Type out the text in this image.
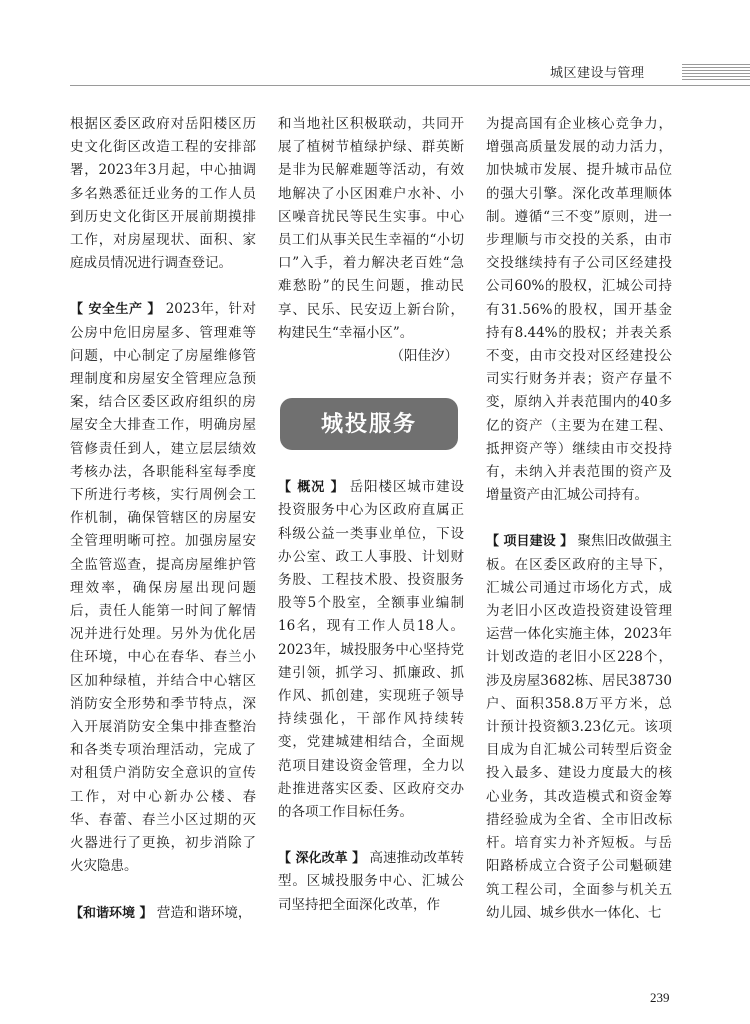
城区建设与管理

根据区委区政府对岳阳楼区历史文化街区改造工程的安排部署，2023年3月起，中心抽调多名熟悉征迁业务的工作人员到历史文化街区开展前期摸排工作，对房屋现状、面积、家庭成员情况进行调查登记。

【 安全生产 】 2023年，针对公房中危旧房屋多、管理难等问题，中心制定了房屋维修管理制度和房屋安全管理应急预案，结合区委区政府组织的房屋安全大排查工作，明确房屋管修责任到人，建立层层绩效考核办法，各职能科室每季度下所进行考核，实行周例会工作机制，确保管辖区的房屋安全管理明晰可控。加强房屋安全监管巡查，提高房屋维护管理效率，确保房屋出现问题后，责任人能第一时间了解情况并进行处理。另外为优化居住环境，中心在春华、春兰小区加种绿植，并结合中心辖区消防安全形势和季节特点，深入开展消防安全集中排查整治和各类专项治理活动，完成了对租赁户消防安全意识的宣传工作，对中心新办公楼、春华、春蕾、春兰小区过期的灭火器进行了更换，初步消除了火灾隐患。

【和谐环境 】 营造和谐环境，

和当地社区积极联动，共同开展了植树节植绿护绿、群英断是非为民解难题等活动，有效地解决了小区困难户水补、小区噪音扰民等民生实事。中心员工们从事关民生幸福的“小切口”入手，着力解决老百姓“急难愁盼”的民生问题，推动民享、民乐、民安迈上新台阶，构建民生“幸福小区”。

（阳佳汐）

城投服务

【 概况 】 岳阳楼区城市建设投资服务中心为区政府直属正科级公益一类事业单位，下设办公室、政工人事股、计划财务股、工程技术股、投资服务股等5个股室，全额事业编制16名，现有工作人员18人。2023年，城投服务中心坚持党建引领，抓学习、抓廉政、抓作风、抓创建，实现班子领导持续强化，干部作风持续转变，党建城建相结合，全面规范项目建设资金管理，全力以赴推进落实区委、区政府交办的各项工作目标任务。

【 深化改革 】 高速推动改革转型。区城投服务中心、汇城公司坚持把全面深化改革，作

为提高国有企业核心竞争力，增强高质量发展的动力活力，加快城市发展、提升城市品位的强大引擎。深化改革理顺体制。遵循“三不变”原则，进一步理顺与市交投的关系，由市交投继续持有子公司区经建投公司60%的股权，汇城公司持有31.56%的股权，国开基金持有8.44%的股权；并表关系不变，由市交投对区经建投公司实行财务并表；资产存量不变，原纳入并表范围内的40多亿的资产（主要为在建工程、抵押资产等）继续由市交投持有，未纳入并表范围的资产及增量资产由汇城公司持有。

【 项目建设 】 聚焦旧改做强主板。在区委区政府的主导下，汇城公司通过市场化方式，成为老旧小区改造投资建设管理运营一体化实施主体，2023年计划改造的老旧小区228个，涉及房屋3682栋、居民38730户、面积358.8万平方米，总计预计投资额3.23亿元。该项目成为自汇城公司转型后资金投入最多、建设力度最大的核心业务，其改造模式和资金筹措经验成为全省、全市旧改标杆。培育实力补齐短板。与岳阳路桥成立合资子公司魁硕建筑工程公司，全面参与机关五幼儿园、城乡供水一体化、七

239
